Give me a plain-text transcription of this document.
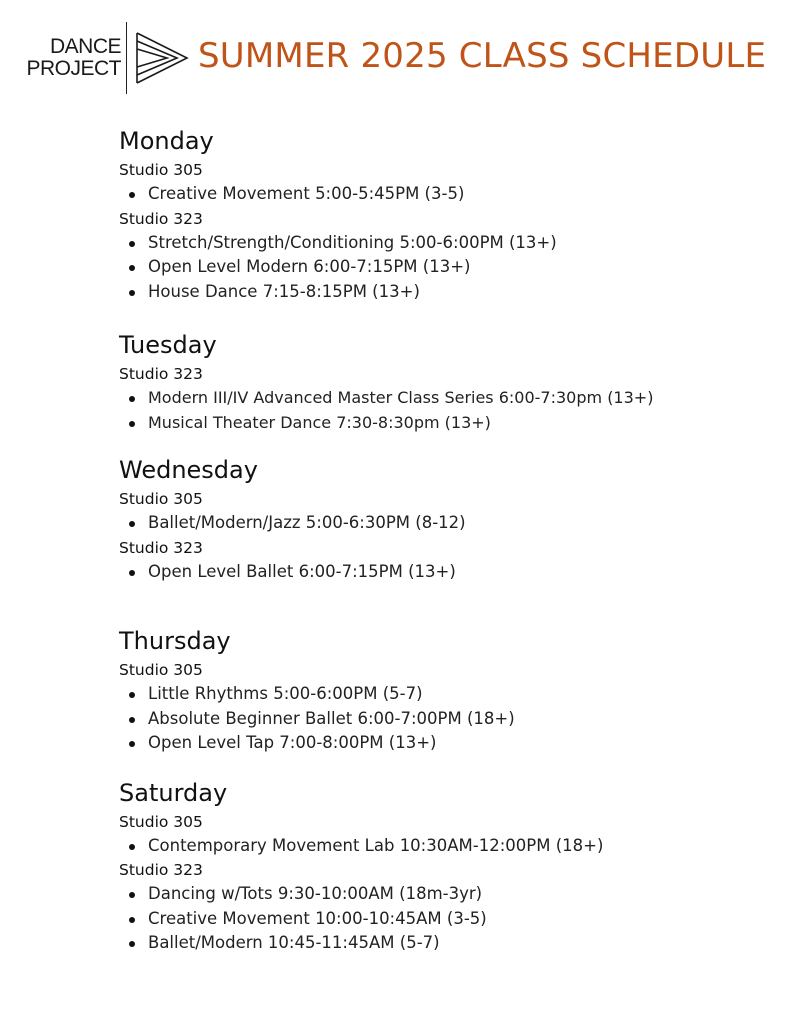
DANCE
PROJECT SUMMER 2025 CLASS SCHEDULE
Monday
Studio 305
Creative Movement 5:00-5:45PM (3-5)
Studio 323
Stretch/Strength/Conditioning 5:00-6:00PM (13+)
Open Level Modern 6:00-7:15PM (13+)
House Dance 7:15-8:15PM (13+)
Tuesday
Studio 323
Modern III/IV Advanced Master Class Series 6:00-7:30pm (13+)
Musical Theater Dance 7:30-8:30pm (13+)
Wednesday
Studio 305
Ballet/Modern/Jazz 5:00-6:30PM (8-12)
Studio 323
Open Level Ballet 6:00-7:15PM (13+)
Thursday
Studio 305
Little Rhythms 5:00-6:00PM (5-7)
Absolute Beginner Ballet 6:00-7:00PM (18+)
Open Level Tap 7:00-8:00PM (13+)
Saturday
Studio 305
Contemporary Movement Lab 10:30AM-12:00PM (18+)
Studio 323
Dancing w/Tots 9:30-10:00AM (18m-3yr)
Creative Movement 10:00-10:45AM (3-5)
Ballet/Modern 10:45-11:45AM (5-7)
